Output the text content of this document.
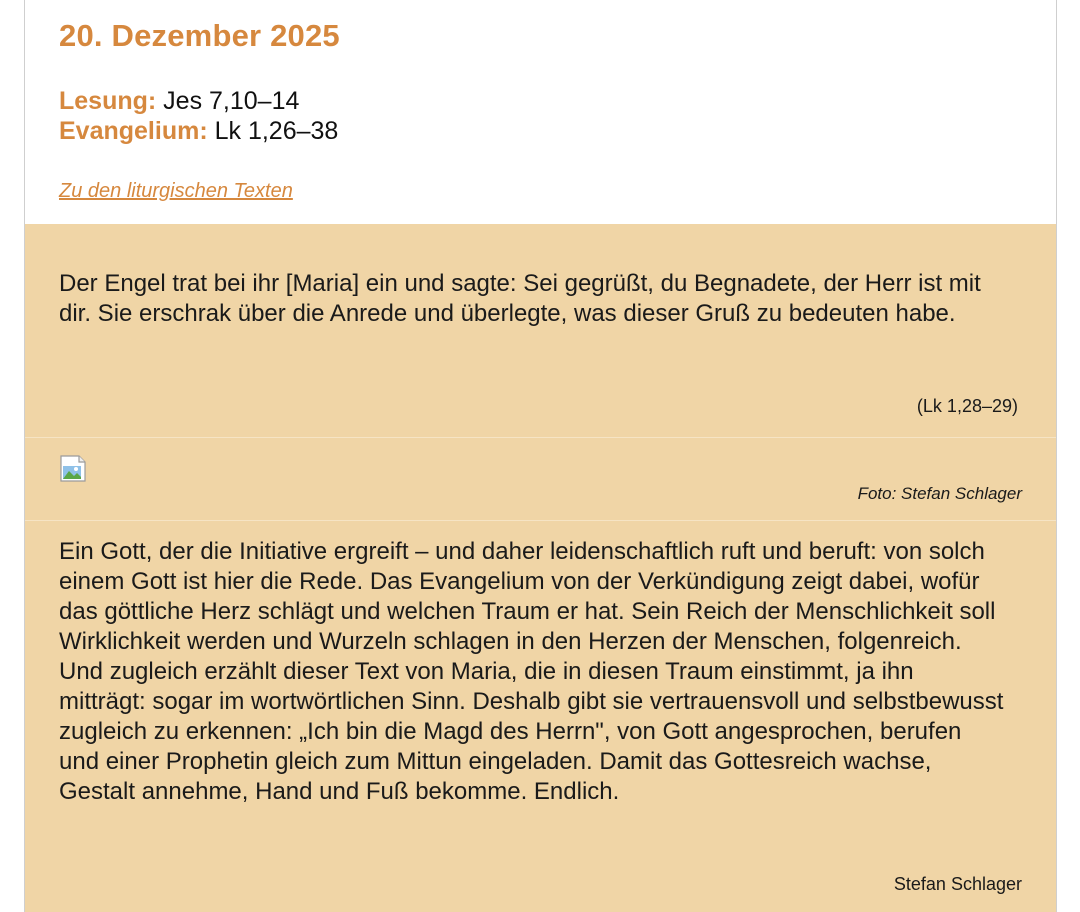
20. Dezember 2025
Lesung: Jes 7,10–14
Evangelium: Lk 1,26–38
Zu den liturgischen Texten

Der Engel trat bei ihr [Maria] ein und sagte: Sei gegrüßt, du Begnadete, der Herr ist mit dir. Sie erschrak über die Anrede und überlegte, was dieser Gruß zu bedeuten habe.

(Lk 1,28–29)
Foto: Stefan Schlager

Ein Gott, der die Initiative ergreift – und daher leidenschaftlich ruft und beruft: von solch einem Gott ist hier die Rede. Das Evangelium von der Verkündigung zeigt dabei, wofür das göttliche Herz schlägt und welchen Traum er hat. Sein Reich der Menschlichkeit soll Wirklichkeit werden und Wurzeln schlagen in den Herzen der Menschen, folgenreich. Und zugleich erzählt dieser Text von Maria, die in diesen Traum einstimmt, ja ihn mitträgt: sogar im wortwörtlichen Sinn. Deshalb gibt sie vertrauensvoll und selbstbewusst zugleich zu erkennen: „Ich bin die Magd des Herrn", von Gott angesprochen, berufen und einer Prophetin gleich zum Mittun eingeladen. Damit das Gottesreich wachse, Gestalt annehme, Hand und Fuß bekomme. Endlich.

Stefan Schlager
